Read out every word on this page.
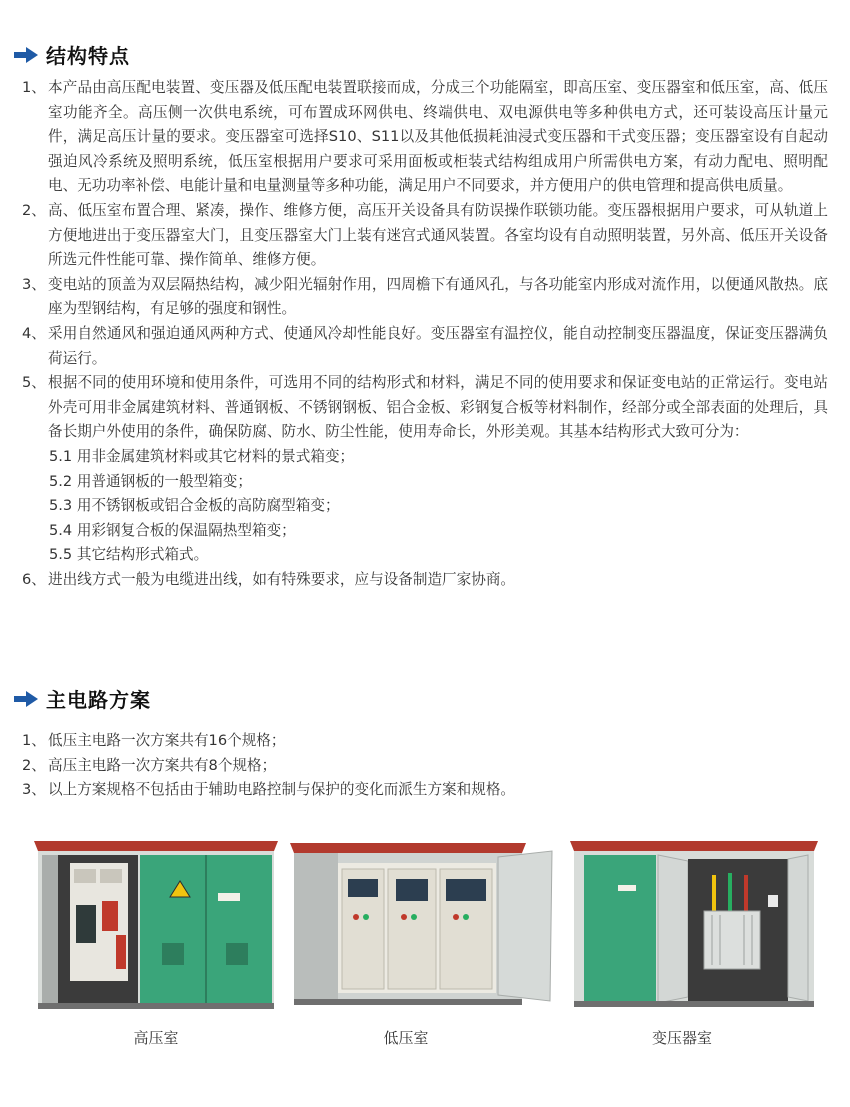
结构特点
1、 本产品由高压配电装置、变压器及低压配电装置联接而成，分成三个功能隔室，即高压室、变压器室和低压室，高、低压室功能齐全。高压侧一次供电系统，可布置成环网供电、终端供电、双电源供电等多种供电方式，还可装设高压计量元件，满足高压计量的要求。变压器室可选择S10、S11以及其他低损耗油浸式变压器和干式变压器；变压器室设有自起动强迫风冷系统及照明系统，低压室根据用户要求可采用面板或柜装式结构组成用户所需供电方案，有动力配电、照明配电、无功功率补偿、电能计量和电量测量等多种功能，满足用户不同要求，并方便用户的供电管理和提高供电质量。
2、 高、低压室布置合理、紧凑，操作、维修方便，高压开关设备具有防误操作联锁功能。变压器根据用户要求，可从轨道上方便地进出于变压器室大门，且变压器室大门上装有迷宫式通风装置。各室均设有自动照明装置，另外高、低压开关设备所选元件性能可靠、操作简单、维修方便。
3、 变电站的顶盖为双层隔热结构，减少阳光辐射作用，四周檐下有通风孔，与各功能室内形成对流作用，以便通风散热。底座为型钢结构，有足够的强度和钢性。
4、 采用自然通风和强迫通风两种方式、使通风冷却性能良好。变压器室有温控仪，能自动控制变压器温度，保证变压器满负荷运行。
5、 根据不同的使用环境和使用条件，可选用不同的结构形式和材料，满足不同的使用要求和保证变电站的正常运行。变电站外壳可用非金属建筑材料、普通钢板、不锈钢钢板、铝合金板、彩钢复合板等材料制作，经部分或全部表面的处理后，具备长期户外使用的条件，确保防腐、防水、防尘性能，使用寿命长，外形美观。其基本结构形式大致可分为：
5.1 用非金属建筑材料或其它材料的景式箱变；
5.2 用普通钢板的一般型箱变；
5.3 用不锈钢板或铝合金板的高防腐型箱变；
5.4 用彩钢复合板的保温隔热型箱变；
5.5 其它结构形式箱式。
6、 进出线方式一般为电缆进出线，如有特殊要求，应与设备制造厂家协商。
主电路方案
1、 低压主电路一次方案共有16个规格；
2、 高压主电路一次方案共有8个规格；
3、 以上方案规格不包括由于辅助电路控制与保护的变化而派生方案和规格。
高压室	低压室	变压器室
